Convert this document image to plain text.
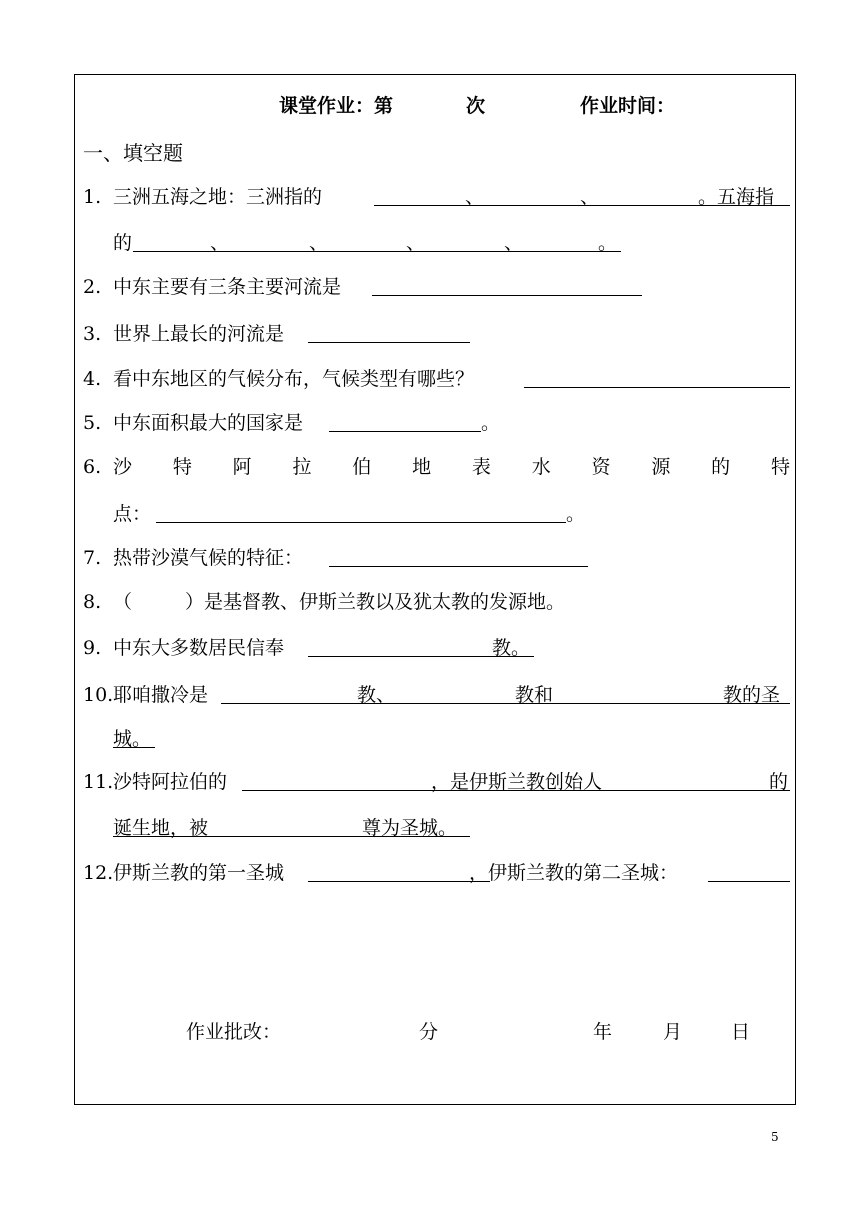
课堂作业：第	次	作业时间：
一、填空题
1. 三洲五海之地：三洲指的	、	、	。五海指
的	、	、	、	、	。
2. 中东主要有三条主要河流是
3. 世界上最长的河流是
4. 看中东地区的气候分布，气候类型有哪些？
5. 中东面积最大的国家是	。
6. 沙 特 阿 拉 伯 地 表 水 资 源 的 特
点：	。
7. 热带沙漠气候的特征：
8. （	）是基督教、伊斯兰教以及犹太教的发源地。
9. 中东大多数居民信奉	教。
10. 耶咱撒冷是	教、	教和	教的圣
城。
11. 沙特阿拉伯的	，是伊斯兰教创始人	的
诞生地，被	尊为圣城。
12. 伊斯兰教的第一圣城	，伊斯兰教的第二圣城：
作业批改：	分	年	月	日
5
